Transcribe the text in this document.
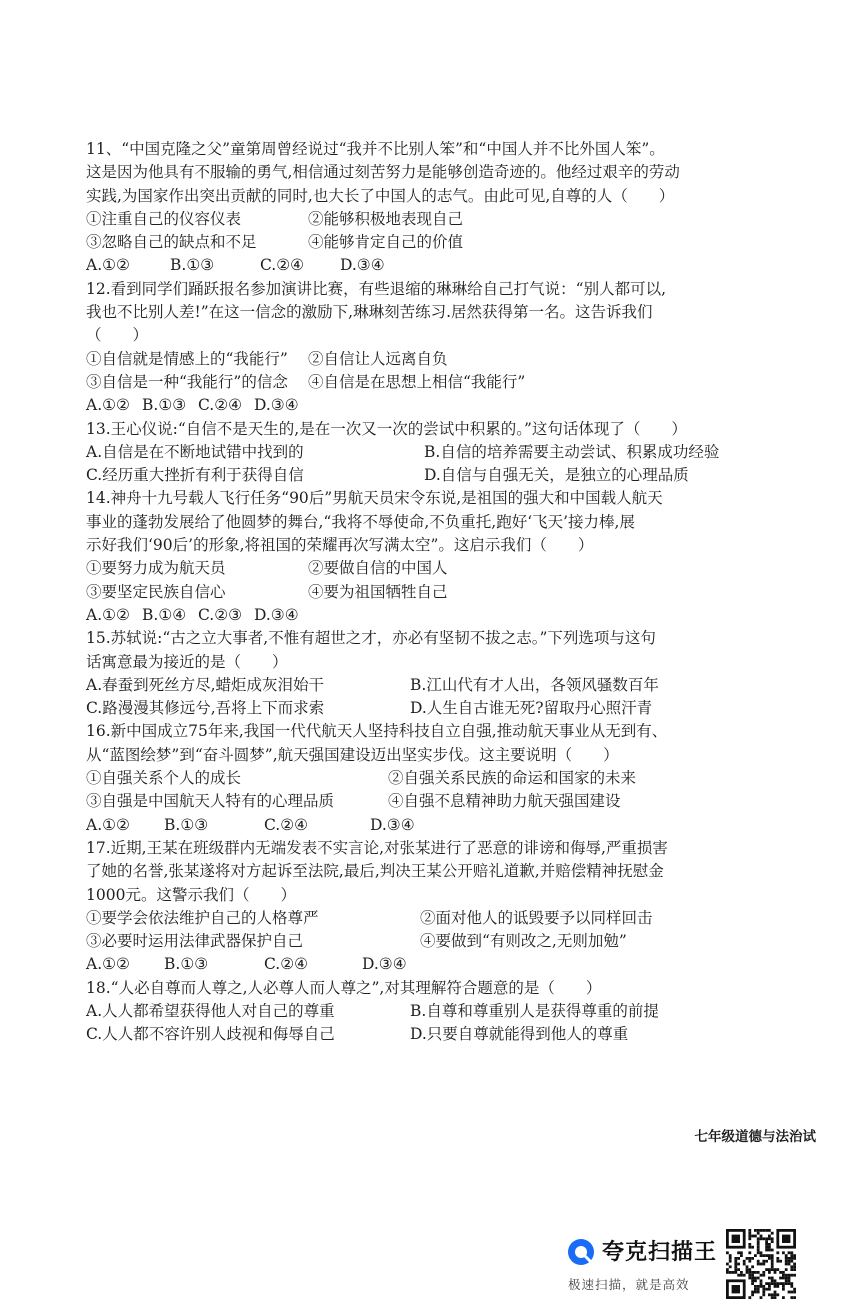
11、“中国克隆之父”童第周曾经说过“我并不比别人笨”和“中国人并不比外国人笨”。
这是因为他具有不服输的勇气,相信通过刻苦努力是能够创造奇迹的。他经过艰辛的劳动
实践,为国家作出突出贡献的同时,也大长了中国人的志气。由此可见,自尊的人（　　）
①注重自己的仪容仪表	②能够积极地表现自己
③忽略自己的缺点和不足	④能够肯定自己的价值
A.①②	B.①③	C.②④	D.③④
12.看到同学们踊跃报名参加演讲比赛，有些退缩的琳琳给自己打气说：“别人都可以,
我也不比别人差!”在这一信念的激励下,琳琳刻苦练习.居然获得第一名。这告诉我们
（　　）
①自信就是情感上的“我能行”	②自信让人远离自负
③自信是一种“我能行”的信念	④自信是在思想上相信“我能行”
A.①② B.①③ C.②④ D.③④
13.王心仪说:“自信不是天生的,是在一次又一次的尝试中积累的。”这句话体现了（　　）
A.自信是在不断地试错中找到的	B.自信的培养需要主动尝试、积累成功经验
C.经历重大挫折有利于获得自信	D.自信与自强无关，是独立的心理品质
14.神舟十九号载人飞行任务“90后”男航天员宋令东说,是祖国的强大和中国载人航天
事业的蓬勃发展给了他圆梦的舞台,“我将不辱使命,不负重托,跑好‘飞天’接力棒,展
示好我们‘90后’的形象,将祖国的荣耀再次写满太空”。这启示我们（　　）
①要努力成为航天员	②要做自信的中国人
③要坚定民族自信心	④要为祖国牺牲自己
A.①② B.①④ C.②③ D.③④
15.苏轼说:“古之立大事者,不惟有超世之才，亦必有坚韧不拔之志。”下列选项与这句
话寓意最为接近的是（　　）
A.春蚕到死丝方尽,蜡炬成灰泪始干	B.江山代有才人出，各领风骚数百年
C.路漫漫其修远兮,吾将上下而求索	D.人生自古谁无死?留取丹心照汗青
16.新中国成立75年来,我国一代代航天人坚持科技自立自强,推动航天事业从无到有、
从“蓝图绘梦”到“奋斗圆梦”,航天强国建设迈出坚实步伐。这主要说明（　　）
①自强关系个人的成长	②自强关系民族的命运和国家的未来
③自强是中国航天人特有的心理品质	④自强不息精神助力航天强国建设
A.①②	B.①③	C.②④	D.③④
17.近期,王某在班级群内无端发表不实言论,对张某进行了恶意的诽谤和侮辱,严重损害
了她的名誉,张某遂将对方起诉至法院,最后,判决王某公开赔礼道歉,并赔偿精神抚慰金
1000元。这警示我们（　　）
①要学会依法维护自己的人格尊严	②面对他人的诋毁要予以同样回击
③必要时运用法律武器保护自己	④要做到“有则改之,无则加勉”
A.①②	B.①③	C.②④	D.③④
18.“人必自尊而人尊之,人必尊人而人尊之”,对其理解符合题意的是（　　）
A.人人都希望获得他人对自己的尊重	B.自尊和尊重别人是获得尊重的前提
C.人人都不容许别人歧视和侮辱自己	D.只要自尊就能得到他人的尊重
七年级道德与法治试
夸克扫描王
极速扫描，就是高效
